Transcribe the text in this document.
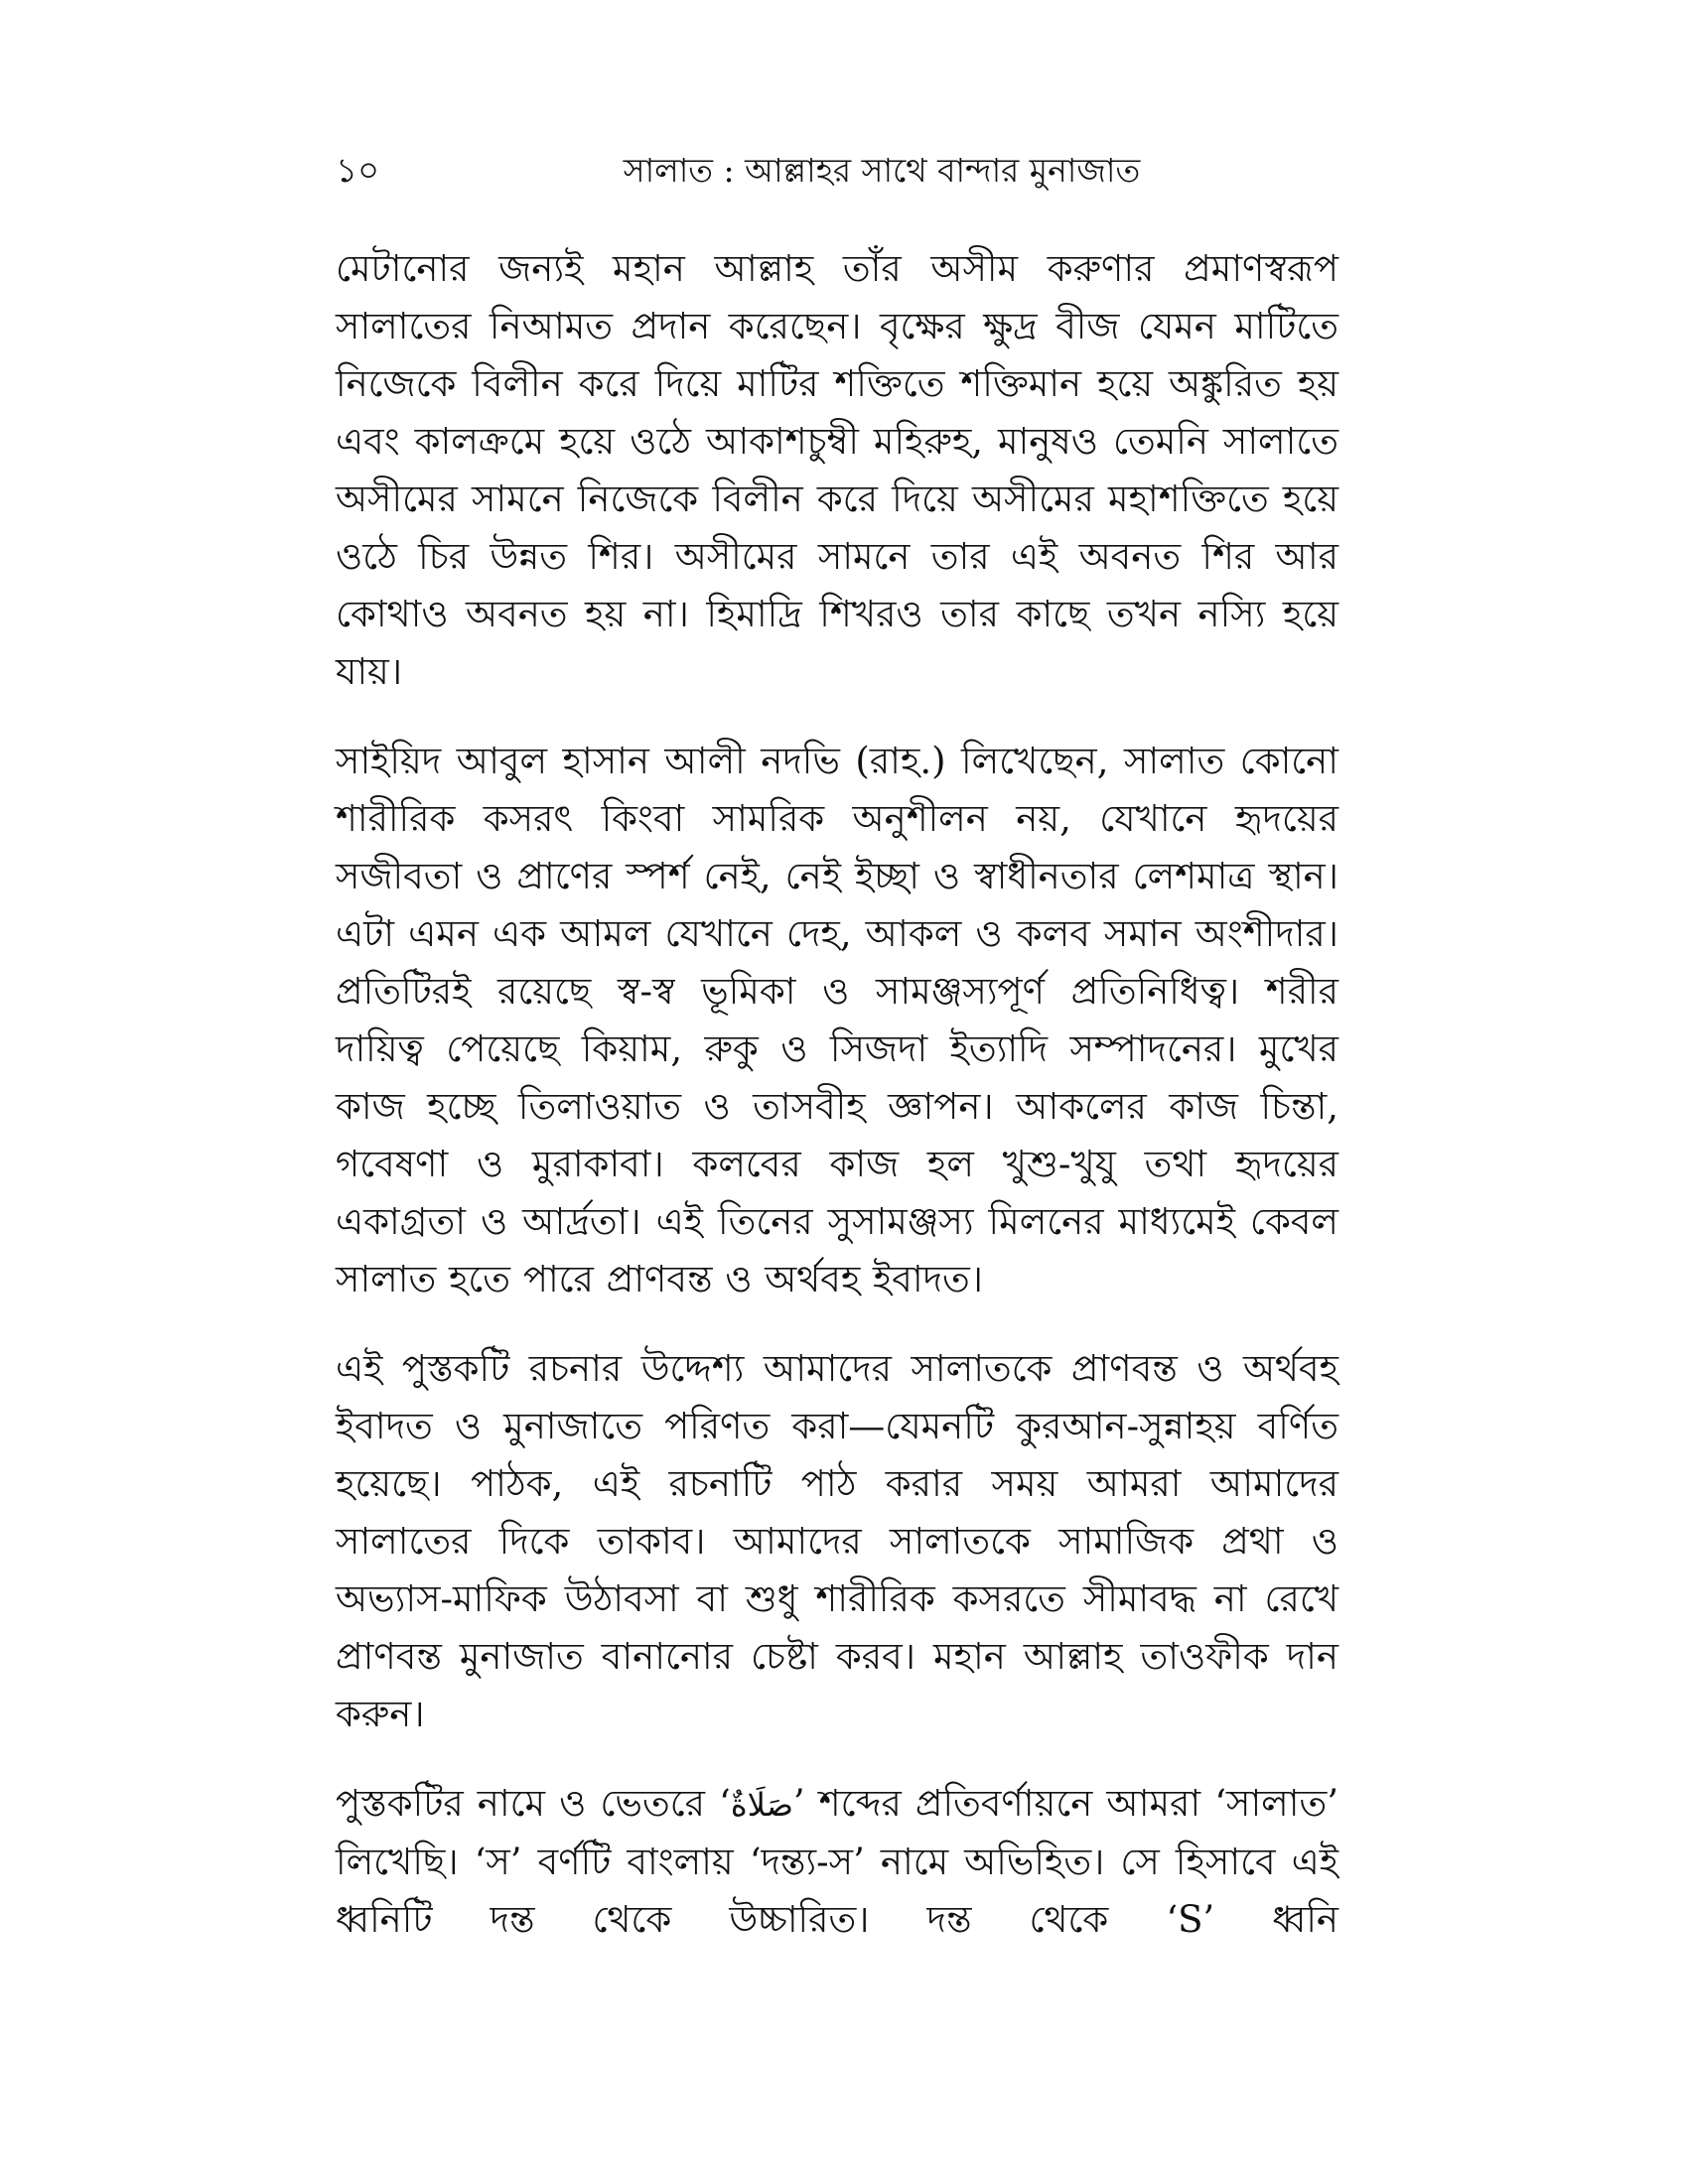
১০	সালাত : আল্লাহর সাথে বান্দার মুনাজাত

মেটানোর জন্যই মহান আল্লাহ তাঁর অসীম করুণার প্রমাণস্বরূপ সালাতের নিআমত প্রদান করেছেন। বৃক্ষের ক্ষুদ্র বীজ যেমন মাটিতে নিজেকে বিলীন করে দিয়ে মাটির শক্তিতে শক্তিমান হয়ে অঙ্কুরিত হয় এবং কালক্রমে হয়ে ওঠে আকাশচুম্বী মহিরুহ, মানুষও তেমনি সালাতে অসীমের সামনে নিজেকে বিলীন করে দিয়ে অসীমের মহাশক্তিতে হয়ে ওঠে চির উন্নত শির। অসীমের সামনে তার এই অবনত শির আর কোথাও অবনত হয় না। হিমাদ্রি শিখরও তার কাছে তখন নস্যি হয়ে যায়।

সাইয়িদ আবুল হাসান আলী নদভি (রাহ.) লিখেছেন, সালাত কোনো শারীরিক কসরৎ কিংবা সামরিক অনুশীলন নয়, যেখানে হৃদয়ের সজীবতা ও প্রাণের স্পর্শ নেই, নেই ইচ্ছা ও স্বাধীনতার লেশমাত্র স্থান। এটা এমন এক আমল যেখানে দেহ, আকল ও কলব সমান অংশীদার। প্রতিটিরই রয়েছে স্ব-স্ব ভূমিকা ও সামঞ্জস্যপূর্ণ প্রতিনিধিত্ব। শরীর দায়িত্ব পেয়েছে কিয়াম, রুকু ও সিজদা ইত্যাদি সম্পাদনের। মুখের কাজ হচ্ছে তিলাওয়াত ও তাসবীহ জ্ঞাপন। আকলের কাজ চিন্তা, গবেষণা ও মুরাকাবা। কলবের কাজ হল খুশু-খুযু তথা হৃদয়ের একাগ্রতা ও আর্দ্রতা। এই তিনের সুসামঞ্জস্য মিলনের মাধ্যমেই কেবল সালাত হতে পারে প্রাণবন্ত ও অর্থবহ ইবাদত।

এই পুস্তকটি রচনার উদ্দেশ্য আমাদের সালাতকে প্রাণবন্ত ও অর্থবহ ইবাদত ও মুনাজাতে পরিণত করা—যেমনটি কুরআন-সুন্নাহয় বর্ণিত হয়েছে। পাঠক, এই রচনাটি পাঠ করার সময় আমরা আমাদের সালাতের দিকে তাকাব। আমাদের সালাতকে সামাজিক প্রথা ও অভ্যাস-মাফিক উঠাবসা বা শুধু শারীরিক কসরতে সীমাবদ্ধ না রেখে প্রাণবন্ত মুনাজাত বানানোর চেষ্টা করব। মহান আল্লাহ তাওফীক দান করুন।

পুস্তকটির নামে ও ভেতরে ‘صَلَاةٌ’ শব্দের প্রতিবর্ণায়নে আমরা ‘সালাত’ লিখেছি। ‘স’ বর্ণটি বাংলায় ‘দন্ত্য-স’ নামে অভিহিত। সে হিসাবে এই ধ্বনিটি দন্ত থেকে উচ্চারিত। দন্ত থেকে ‘S’ ধ্বনি
